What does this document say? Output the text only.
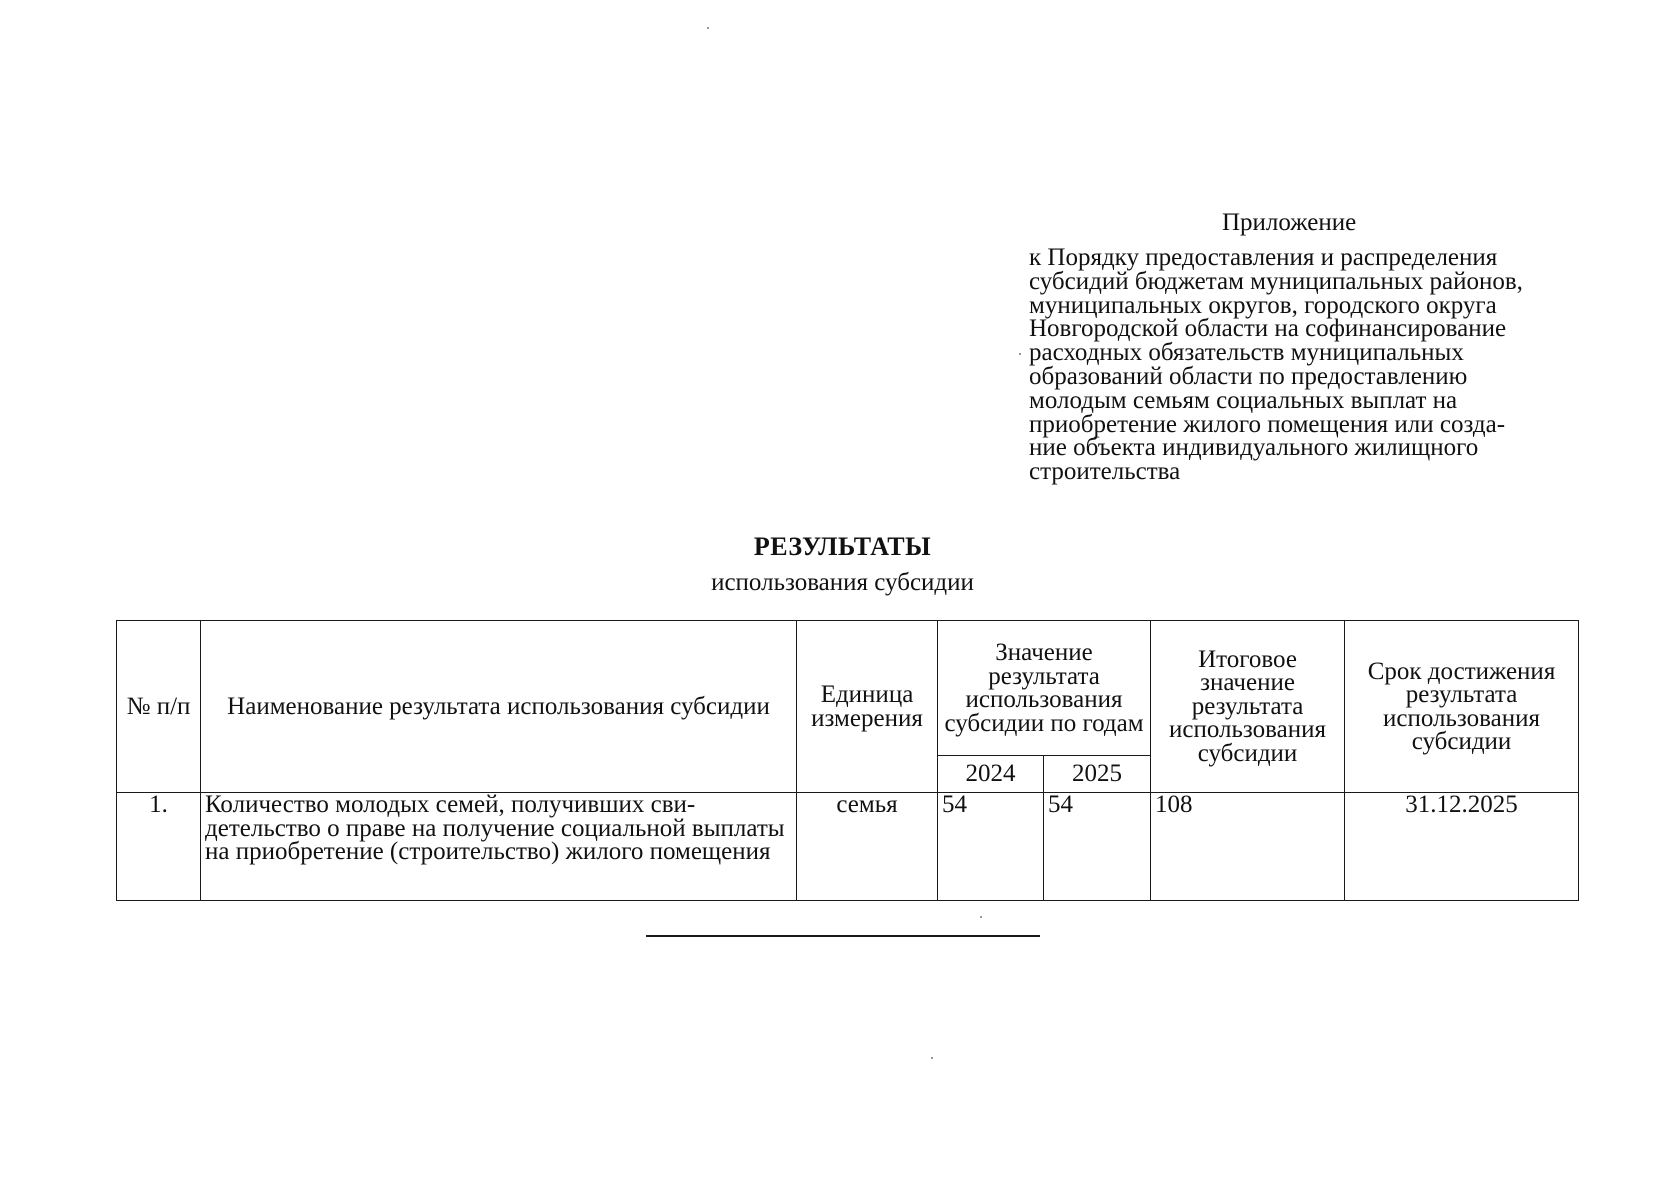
Приложение
к Порядку предоставления и распределения
субсидий бюджетам муниципальных районов,
муниципальных округов, городского округа
Новгородской области на софинансирование
расходных обязательств муниципальных
образований области по предоставлению
молодым семьям социальных выплат на
приобретение жилого помещения или созда-
ние объекта индивидуального жилищного
строительства
РЕЗУЛЬТАТЫ
использования субсидии
№ п/п	Наименование результата использования субсидии	Единица измерения	Значение результата использования субсидии по годам		Итоговое значение результата использования субсидии	Срок достижения результата использования субсидии
			2024	2025		
1.	Количество молодых семей, получивших сви-детельство о праве на получение социальной выплаты на приобретение (строительство) жилого помещения	семья	54	54	108	31.12.2025
